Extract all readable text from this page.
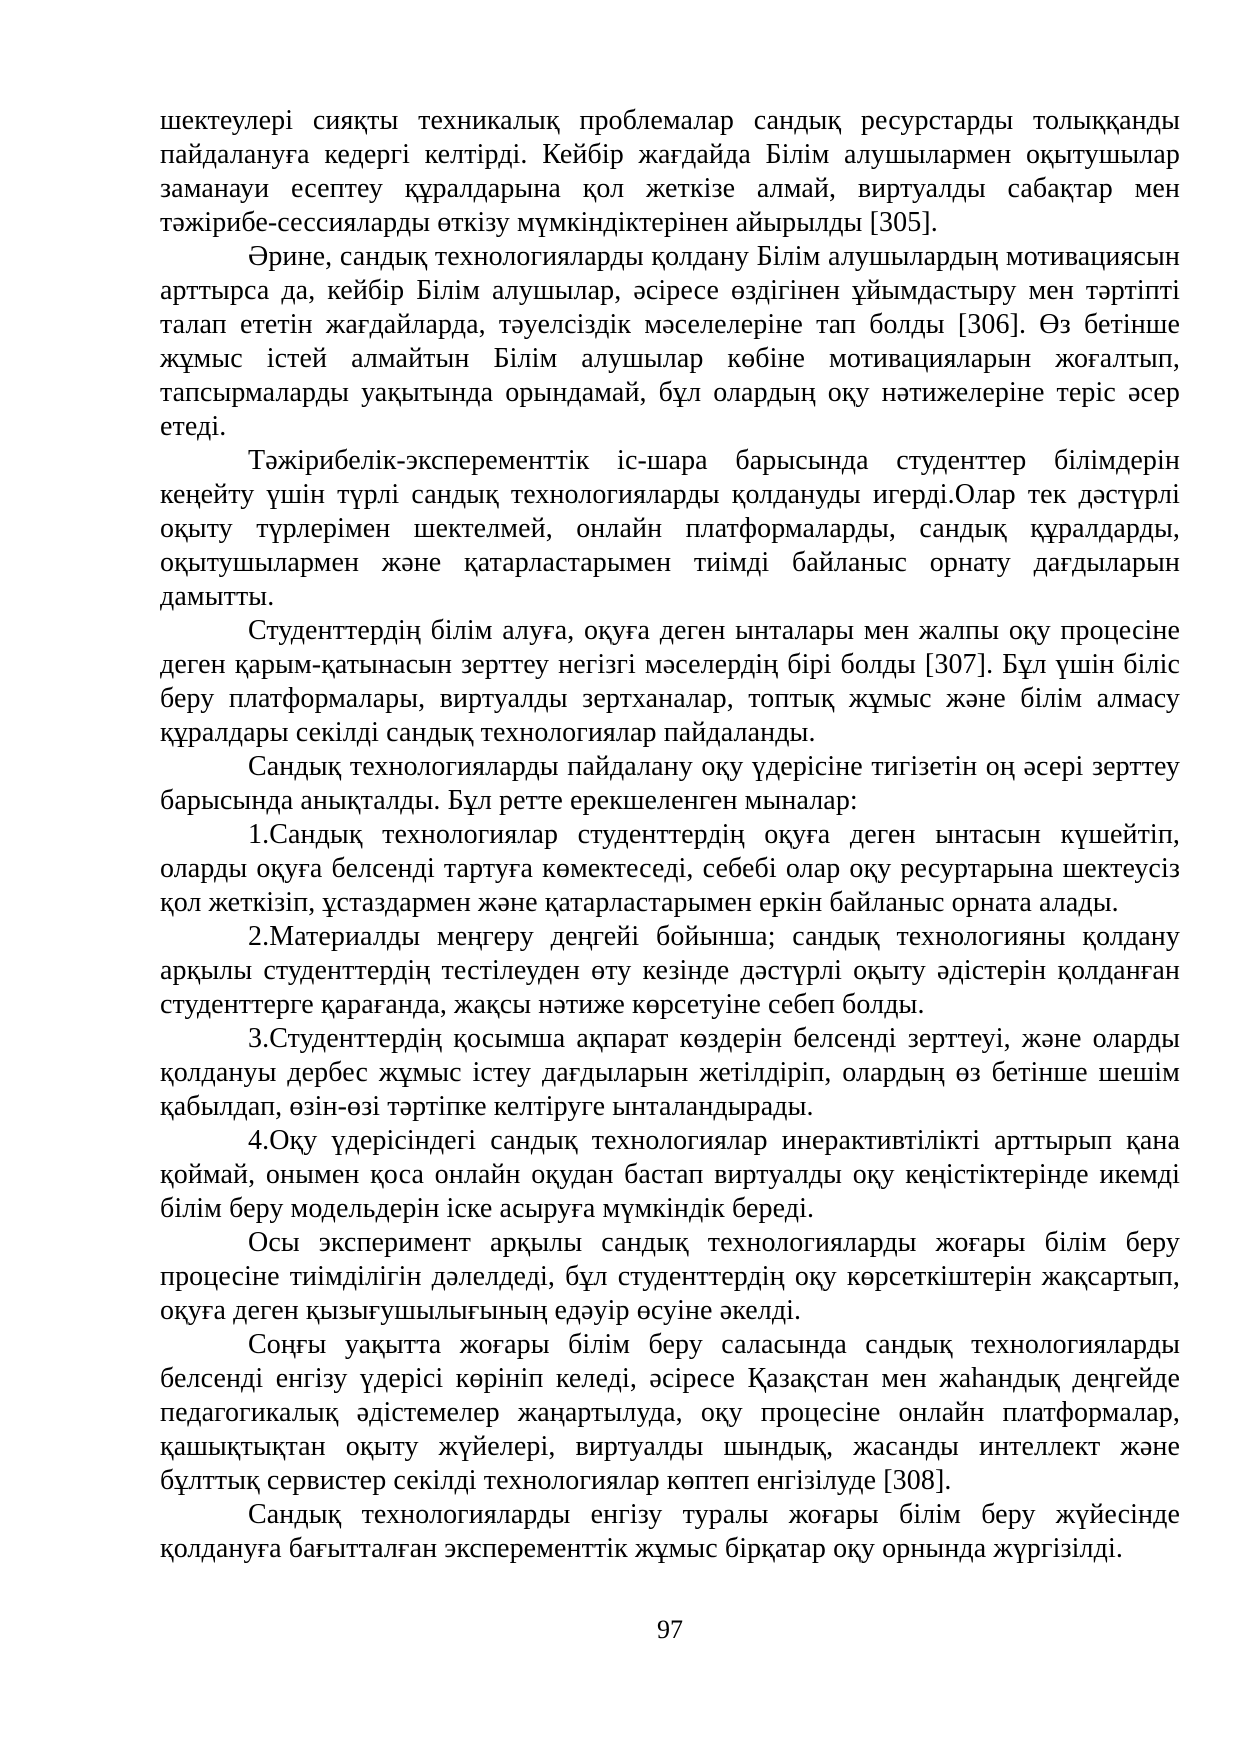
шектеулері сияқты техникалық проблемалар сандық ресурстарды толыққанды пайдалануға кедергі келтірді. Кейбір жағдайда Білім алушылармен оқытушылар заманауи есептеу құралдарына қол жеткізе алмай, виртуалды сабақтар мен тәжірибе-сессияларды өткізу мүмкіндіктерінен айырылды [305].

Әрине, сандық технологияларды қолдану Білім алушылардың мотивациясын арттырса да, кейбір Білім алушылар, әсіресе өздігінен ұйымдастыру мен тәртіпті талап ететін жағдайларда, тәуелсіздік мәселелеріне тап болды [306]. Өз бетінше жұмыс істей алмайтын Білім алушылар көбіне мотивацияларын жоғалтып, тапсырмаларды уақытында орындамай, бұл олардың оқу нәтижелеріне теріс әсер етеді.

Тәжірибелік-эксперементтік іс-шара барысында студенттер білімдерін кеңейту үшін түрлі сандық технологияларды қолдануды игерді.Олар тек дәстүрлі оқыту түрлерімен шектелмей, онлайн платформаларды, сандық құралдарды, оқытушылармен және қатарластарымен тиімді байланыс орнату дағдыларын дамытты.

Студенттердің білім алуға, оқуға деген ынталары мен жалпы оқу процесіне деген қарым-қатынасын зерттеу негізгі мәселердің бірі болды [307]. Бұл үшін біліс беру платформалары, виртуалды зертханалар, топтық жұмыс және білім алмасу құралдары секілді сандық технологиялар пайдаланды.

Сандық технологияларды пайдалану оқу үдерісіне тигізетін оң әсері зерттеу барысында анықталды. Бұл ретте ерекшеленген мыналар:

1.Сандық технологиялар студенттердің оқуға деген ынтасын күшейтіп, оларды оқуға белсенді тартуға көмектеседі, себебі олар оқу ресуртарына шектеусіз қол жеткізіп, ұстаздармен және қатарластарымен еркін байланыс орната алады.

2.Материалды меңгеру деңгейі бойынша; сандық технологияны қолдану арқылы студенттердің тестілеуден өту кезінде дәстүрлі оқыту әдістерін қолданған студенттерге қарағанда, жақсы нәтиже көрсетуіне себеп болды.

3.Студенттердің қосымша ақпарат көздерін белсенді зерттеуі, және оларды қолдануы дербес жұмыс істеу дағдыларын жетілдіріп, олардың өз бетінше шешім қабылдап, өзін-өзі тәртіпке келтіруге ынталандырады.

4.Оқу үдерісіндегі сандық технологиялар инерактивтілікті арттырып қана қоймай, онымен қоса онлайн оқудан бастап виртуалды оқу кеңістіктерінде икемді білім беру модельдерін іске асыруға мүмкіндік береді.

Осы эксперимент арқылы сандық технологияларды жоғары білім беру процесіне тиімділігін дәлелдеді, бұл студенттердің оқу көрсеткіштерін жақсартып, оқуға деген қызығушылығының едәуір өсуіне әкелді.

Соңғы уақытта жоғары білім беру саласында сандық технологияларды белсенді енгізу үдерісі көрініп келеді, әсіресе Қазақстан мен жаһандық деңгейде педагогикалық әдістемелер жаңартылуда, оқу процесіне онлайн платформалар, қашықтықтан оқыту жүйелері, виртуалды шындық, жасанды интеллект және бұлттық сервистер секілді технологиялар көптеп енгізілуде [308].

Сандық технологияларды енгізу туралы жоғары білім беру жүйесінде қолдануға бағытталған эксперементтік жұмыс бірқатар оқу орнында жүргізілді.

97
